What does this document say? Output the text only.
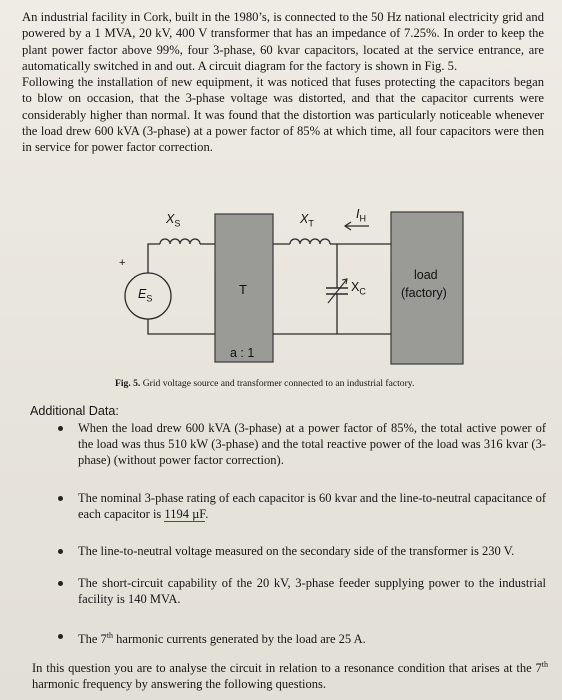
An industrial facility in Cork, built in the 1980’s, is connected to the 50 Hz national electricity grid and powered by a 1 MVA, 20 kV, 400 V transformer that has an impedance of 7.25%. In order to keep the plant power factor above 99%, four 3-phase, 60 kvar capacitors, located at the service entrance, are automatically switched in and out. A circuit diagram for the factory is shown in Fig. 5.

Following the installation of new equipment, it was noticed that fuses protecting the capacitors began to blow on occasion, that the 3-phase voltage was distorted, and that the capacitor currents were considerably higher than normal. It was found that the distortion was particularly noticeable whenever the load drew 600 kVA (3-phase) at a power factor of 85% at which time, all four capacitors were then in service for power factor correction.

$X_S$	$X_T$
$I_H$
+
$E_S$
T	$X_C$
load
(factory)
a : 1
Fig. 5. Grid voltage source and transformer connected to an industrial factory.
Additional Data:
When the load drew 600 kVA (3-phase) at a power factor of 85%, the total active power of the load was thus 510 kW (3-phase) and the total reactive power of the load was 316 kvar (3-phase) (without power factor correction).
The nominal 3-phase rating of each capacitor is 60 kvar and the line-to-neutral capacitance of each capacitor is 1194 µF.
The line-to-neutral voltage measured on the secondary side of the transformer is 230 V.
The short-circuit capability of the 20 kV, 3-phase feeder supplying power to the industrial facility is 140 MVA.
The 7th harmonic currents generated by the load are 25 A.

In this question you are to analyse the circuit in relation to a resonance condition that arises at the 7th harmonic frequency by answering the following questions.
